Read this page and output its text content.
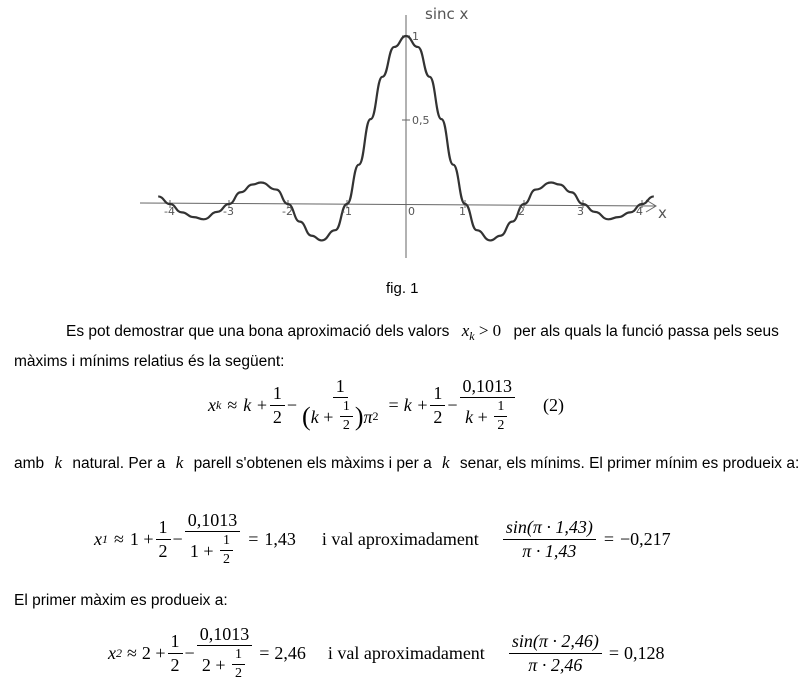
-4	-3	-2	-1	0	1	2	3	4
0,5
1
sinc x
x
fig. 1
Es pot demostrar que una bona aproximació dels valors $x_k > 0$ per als quals la funció passa pels seus màxims i mínims relatius és la següent:
x $k \approx k + \frac{1}{2} - \frac{1}{( k + \frac{1}{2} ) \pi 2} = k + \frac{1}{2} - \frac{0,1013}{k + \frac{1}{2}} (2)$
amb k natural. Per a k parell s'obtenen els màxims i per a k senar, els mínims. El primer mínim es produeix a:
x $1 \approx 1 + \frac{1}{2} - \frac{0,1013}{1 + \frac{1}{2}} = 1,43$ i val aproximadament $\frac{\sin(\pi \cdot 1,43)}{\pi \cdot 1,43} = -0,217$
El primer màxim es produeix a:
x $2 \approx 2 + \frac{1}{2} - \frac{0,1013}{2 + \frac{1}{2}} = 2,46$ i val aproximadament $\frac{\sin(\pi \cdot 2,46)}{\pi \cdot 2,46} = 0,128$
